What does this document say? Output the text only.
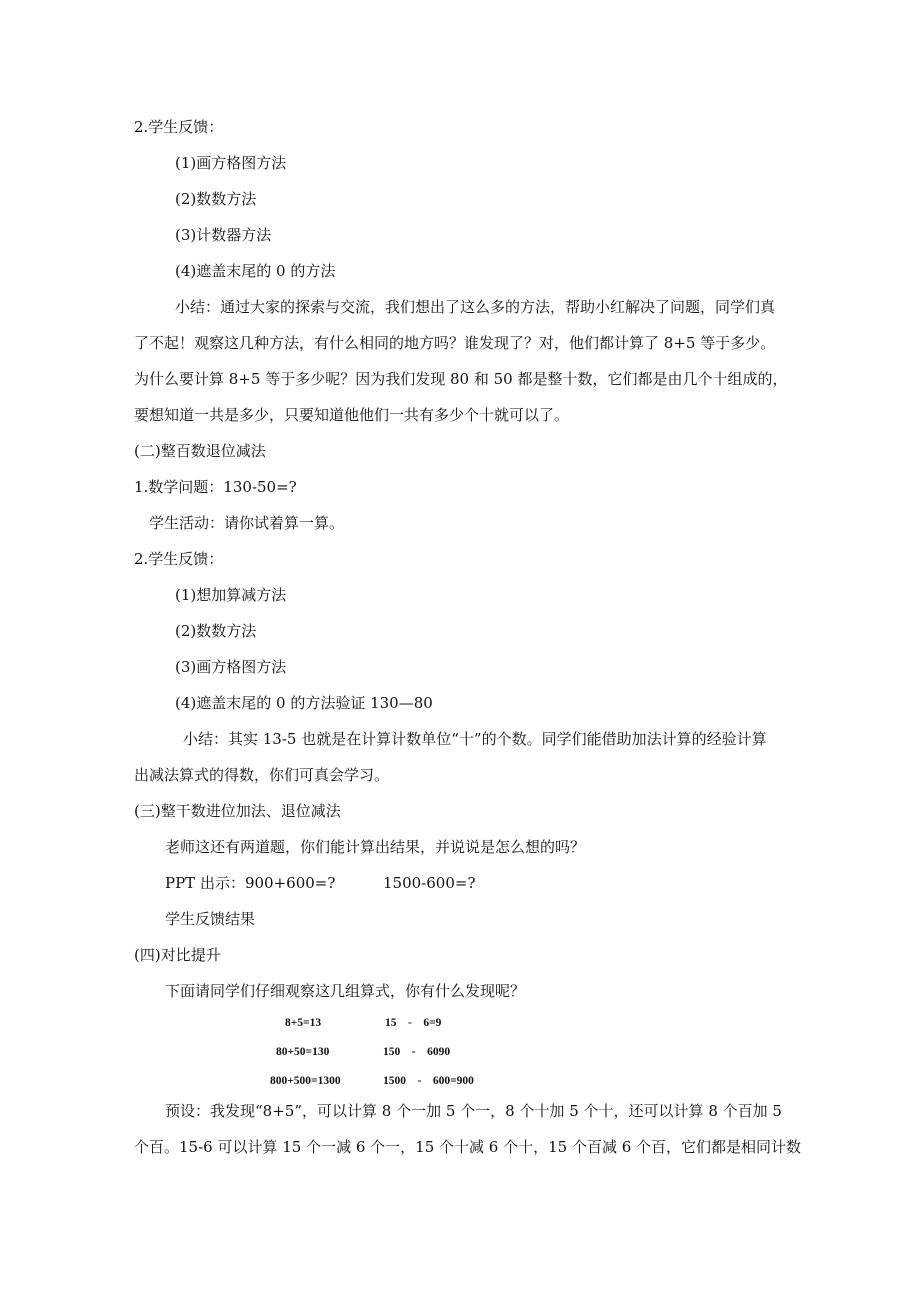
2.学生反馈：
(1)画方格图方法
(2)数数方法
(3)计数器方法
(4)遮盖末尾的 0 的方法
小结：通过大家的探索与交流，我们想出了这么多的方法，帮助小红解决了问题，同学们真
了不起！观察这几种方法，有什么相同的地方吗？谁发现了？对，他们都计算了 8+5 等于多少。
为什么要计算 8+5 等于多少呢？因为我们发现 80 和 50 都是整十数，它们都是由几个十组成的，
要想知道一共是多少，只要知道他他们一共有多少个十就可以了。
(二)整百数退位减法
1.数学问题：130-50=?
学生活动：请你试着算一算。
2.学生反馈：
(1)想加算减方法
(2)数数方法
(3)画方格图方法
(4)遮盖末尾的 0 的方法验证 130—80
小结：其实 13-5 也就是在计算计数单位“十”的个数。同学们能借助加法计算的经验计算
出减法算式的得数，你们可真会学习。
(三)整干数进位加法、退位减法
老师这还有两道题，你们能计算出结果，并说说是怎么想的吗？
PPT 出示：900+600=?	1500-600=?
学生反馈结果
(四)对比提升
下面请同学们仔细观察这几组算式，你有什么发现呢？
8+5=13	15    -    6=9
80+50=130	150    -    6090
800+500=1300	1500    -    600=900
预设：我发现“8+5”，可以计算 8 个一加 5 个一，8 个十加 5 个十，还可以计算 8 个百加 5
个百。15-6 可以计算 15 个一减 6 个一，15 个十减 6 个十，15 个百减 6 个百，它们都是相同计数
